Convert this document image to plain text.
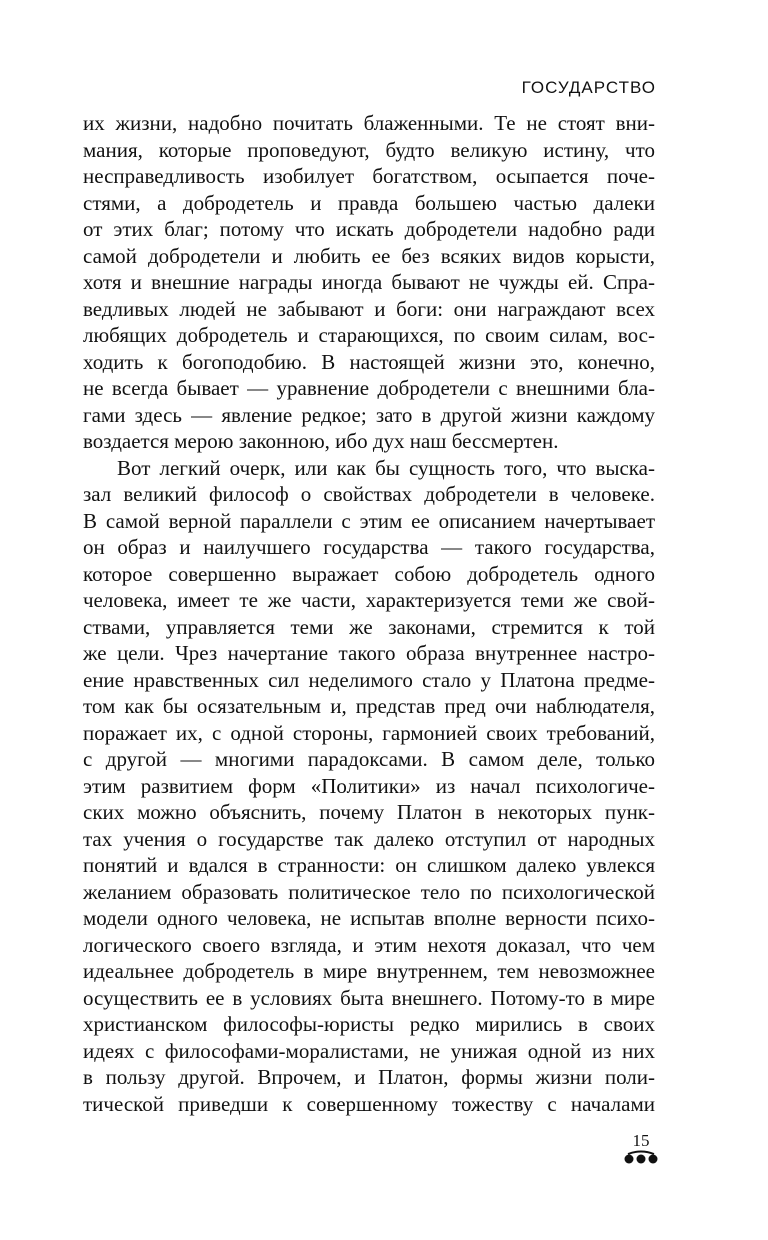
ГОСУДАРСТВО
их жизни, надобно почитать блаженными. Те не стоят вни-
мания, которые проповедуют, будто великую истину, что
несправедливость изобилует богатством, осыпается поче-
стями, а добродетель и правда большею частью далеки
от этих благ; потому что искать добродетели надобно ради
самой добродетели и любить ее без всяких видов корысти,
хотя и внешние награды иногда бывают не чужды ей. Спра-
ведливых людей не забывают и боги: они награждают всех
любящих добродетель и старающихся, по своим силам, вос-
ходить к богоподобию. В настоящей жизни это, конечно,
не всегда бывает — уравнение добродетели с внешними бла-
гами здесь — явление редкое; зато в другой жизни каждому
воздается мерою законною, ибо дух наш бессмертен.
Вот легкий очерк, или как бы сущность того, что выска-
зал великий философ о свойствах добродетели в человеке.
В самой верной параллели с этим ее описанием начертывает
он образ и наилучшего государства — такого государства,
которое совершенно выражает собою добродетель одного
человека, имеет те же части, характеризуется теми же свой-
ствами, управляется теми же законами, стремится к той
же цели. Чрез начертание такого образа внутреннее настро-
ение нравственных сил неделимого стало у Платона предме-
том как бы осязательным и, представ пред очи наблюдателя,
поражает их, с одной стороны, гармонией своих требований,
с другой — многими парадоксами. В самом деле, только
этим развитием форм «Политики» из начал психологиче-
ских можно объяснить, почему Платон в некоторых пунк-
тах учения о государстве так далеко отступил от народных
понятий и вдался в странности: он слишком далеко увлекся
желанием образовать политическое тело по психологической
модели одного человека, не испытав вполне верности психо-
логического своего взгляда, и этим нехотя доказал, что чем
идеальнее добродетель в мире внутреннем, тем невозможнее
осуществить ее в условиях быта внешнего. Потому-то в мире
христианском философы-юристы редко мирились в своих
идеях с философами-моралистами, не унижая одной из них
в пользу другой. Впрочем, и Платон, формы жизни поли-
тической приведши к совершенному тожеству с началами
15
